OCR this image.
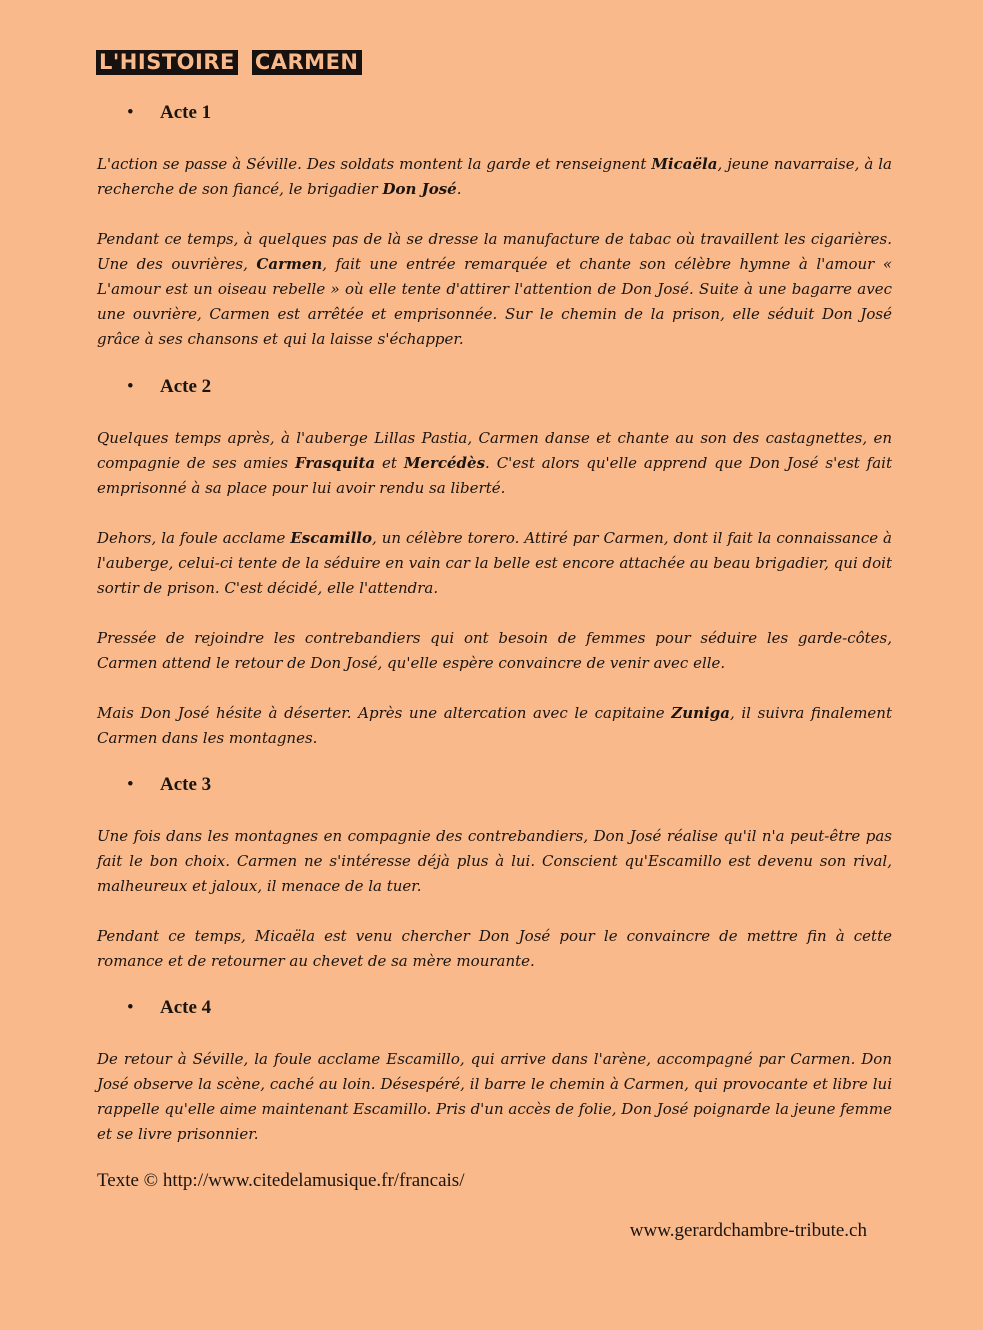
L'HISTOIRE CARMEN
• Acte 1
L'action se passe à Séville. Des soldats montent la garde et renseignent Micaëla, jeune navarraise, à la recherche de son fiancé, le brigadier Don José.
Pendant ce temps, à quelques pas de là se dresse la manufacture de tabac où travaillent les cigarières. Une des ouvrières, Carmen, fait une entrée remarquée et chante son célèbre hymne à l'amour « L'amour est un oiseau rebelle » où elle tente d'attirer l'attention de Don José. Suite à une bagarre avec une ouvrière, Carmen est arrêtée et emprisonnée. Sur le chemin de la prison, elle séduit Don José grâce à ses chansons et qui la laisse s'échapper.
• Acte 2
Quelques temps après, à l'auberge Lillas Pastia, Carmen danse et chante au son des castagnettes, en compagnie de ses amies Frasquita et Mercédès. C'est alors qu'elle apprend que Don José s'est fait emprisonné à sa place pour lui avoir rendu sa liberté.
Dehors, la foule acclame Escamillo, un célèbre torero. Attiré par Carmen, dont il fait la connaissance à l'auberge, celui-ci tente de la séduire en vain car la belle est encore attachée au beau brigadier, qui doit sortir de prison. C'est décidé, elle l'attendra.
Pressée de rejoindre les contrebandiers qui ont besoin de femmes pour séduire les garde-côtes, Carmen attend le retour de Don José, qu'elle espère convaincre de venir avec elle.
Mais Don José hésite à déserter. Après une altercation avec le capitaine Zuniga, il suivra finalement Carmen dans les montagnes.
• Acte 3
Une fois dans les montagnes en compagnie des contrebandiers, Don José réalise qu'il n'a peut-être pas fait le bon choix. Carmen ne s'intéresse déjà plus à lui. Conscient qu'Escamillo est devenu son rival, malheureux et jaloux, il menace de la tuer.
Pendant ce temps, Micaëla est venu chercher Don José pour le convaincre de mettre fin à cette romance et de retourner au chevet de sa mère mourante.
• Acte 4
De retour à Séville, la foule acclame Escamillo, qui arrive dans l'arène, accompagné par Carmen. Don José observe la scène, caché au loin. Désespéré, il barre le chemin à Carmen, qui provocante et libre lui rappelle qu'elle aime maintenant Escamillo. Pris d'un accès de folie, Don José poignarde la jeune femme et se livre prisonnier.
Texte © http://www.citedelamusique.fr/francais/
www.gerardchambre-tribute.ch
